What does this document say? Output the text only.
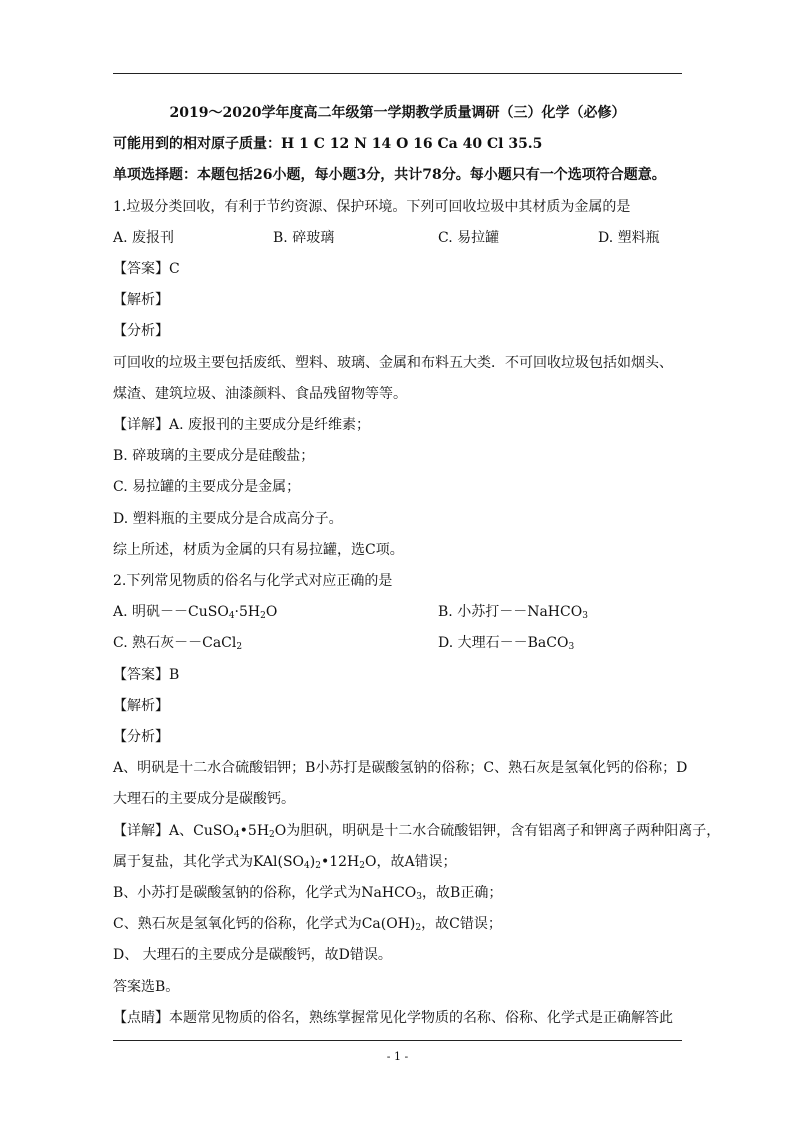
2019～2020学年度高二年级第一学期教学质量调研（三）化学（必修）
可能用到的相对原子质量：H 1 C 12 N 14 O 16 Ca 40 Cl 35.5
单项选择题：本题包括26小题，每小题3分，共计78分。每小题只有一个选项符合题意。
1.垃圾分类回收，有利于节约资源、保护环境。下列可回收垃圾中其材质为金属的是
A. 废报刊	B. 碎玻璃	C. 易拉罐	D. 塑料瓶
【答案】C
【解析】
【分析】
可回收的垃圾主要包括废纸、塑料、玻璃、金属和布料五大类．不可回收垃圾包括如烟头、
煤渣、建筑垃圾、油漆颜料、食品残留物等等。
【详解】A. 废报刊的主要成分是纤维素；
B. 碎玻璃的主要成分是硅酸盐；
C. 易拉罐的主要成分是金属；
D. 塑料瓶的主要成分是合成高分子。
综上所述，材质为金属的只有易拉罐，选C项。
2.下列常见物质的俗名与化学式对应正确的是
A. 明矾$--CuSO_4\cdot 5H_2O$	B. 小苏打－－NaHCO$_3$
C. 熟石灰－－CaCl$_2$	D. 大理石－－BaCO$_3$
【答案】B
【解析】
【分析】
A、明矾是十二水合硫酸铝钾；B小苏打是碳酸氢钠的俗称；C、熟石灰是氢氧化钙的俗称；D
大理石的主要成分是碳酸钙。
【详解】A、$CuSO_4•5H_2O$为胆矾，明矾是十二水合硫酸铝钾，含有铝离子和钾离子两种阳离子，
属于复盐，其化学式为$KAl(SO_4)_2•12H_2O$，故A错误；
B、小苏打是碳酸氢钠的俗称，化学式为NaHCO$_3$，故B正确；
C、熟石灰是氢氧化钙的俗称，化学式为$Ca(OH)_2$，故C错误；
D、 大理石的主要成分是碳酸钙，故D错误。
答案选B。
【点睛】本题常见物质的俗名，熟练掌握常见化学物质的名称、俗称、化学式是正确解答此
- 1 -
